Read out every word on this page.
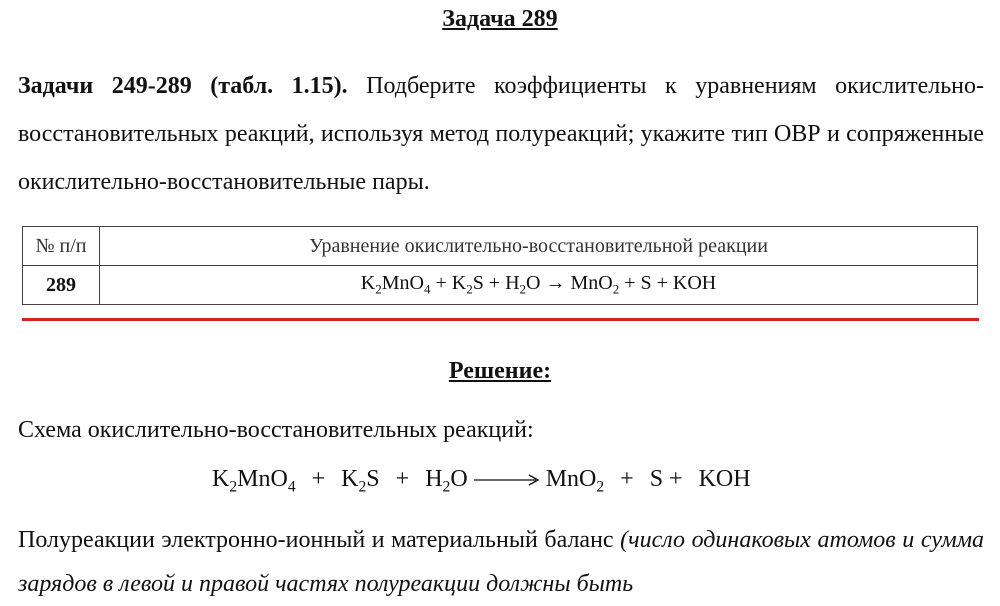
Задача 289
Задачи 249-289 (табл. 1.15). Подберите коэффициенты к уравнениям окислительно-восстановительных реакций, используя метод полуреакций; укажите тип ОВР и сопряженные окислительно-восстановительные пары.
№ п/п	Уравнение окислительно-восстановительной реакции
289	$K_2MnO_4 + K_2S + H_2O \to MnO_2 + S$ + KOH
Решение:
Схема окислительно-восстановительных реакций:
$K_2MnO_4 + K_2S + H_2O$	MnO$_2$ + S + KOH
Полуреакции электронно-ионный и материальный баланс (число одинаковых атомов и сумма зарядов в левой и правой частях полуреакции должны быть
